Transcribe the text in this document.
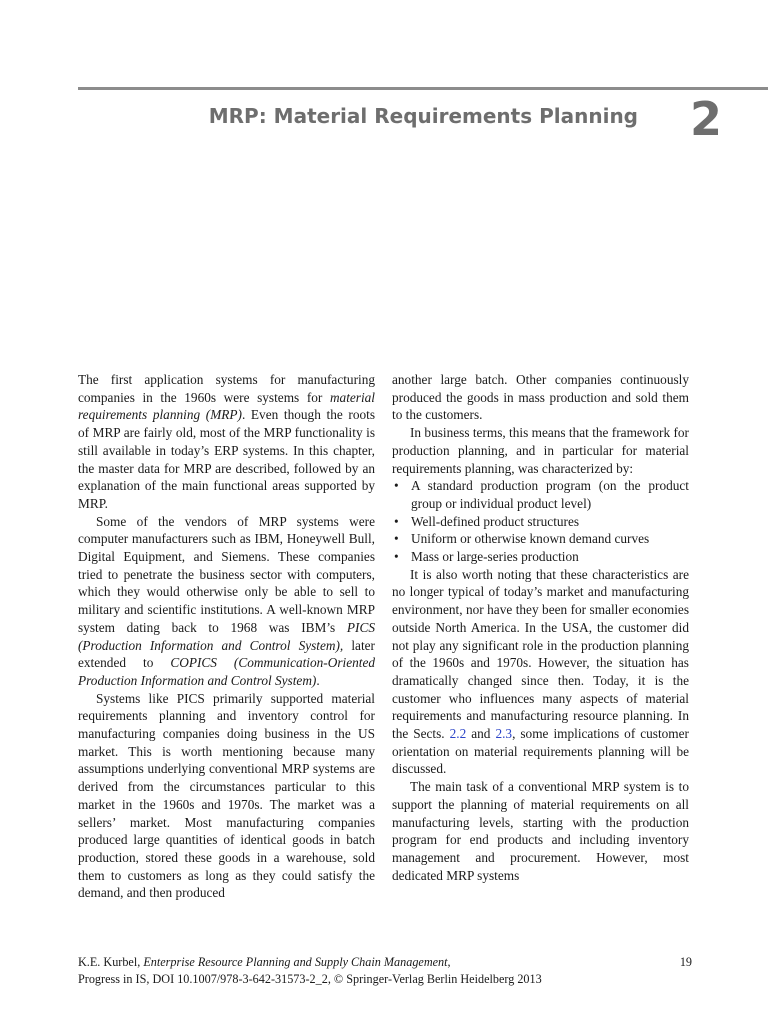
MRP: Material Requirements Planning 2

The first application systems for manufacturing companies in the 1960s were systems for material requirements planning (MRP). Even though the roots of MRP are fairly old, most of the MRP functionality is still available in today’s ERP systems. In this chapter, the master data for MRP are described, followed by an explanation of the main functional areas supported by MRP.

Some of the vendors of MRP systems were computer manufacturers such as IBM, Honeywell Bull, Digital Equipment, and Siemens. These companies tried to penetrate the business sector with computers, which they would otherwise only be able to sell to military and scientific institutions. A well-known MRP system dating back to 1968 was IBM’s PICS (Production Information and Control System), later extended to COPICS (Communication-Oriented Production Information and Control System).

Systems like PICS primarily supported material requirements planning and inventory control for manufacturing companies doing business in the US market. This is worth mentioning because many assumptions underlying conventional MRP systems are derived from the circumstances particular to this market in the 1960s and 1970s. The market was a sellers’ market. Most manufacturing companies produced large quantities of identical goods in batch production, stored these goods in a warehouse, sold them to customers as long as they could satisfy the demand, and then produced

another large batch. Other companies continuously produced the goods in mass production and sold them to the customers.

In business terms, this means that the framework for production planning, and in particular for material requirements planning, was characterized by:

• A standard production program (on the product group or individual product level)
• Well-defined product structures
• Uniform or otherwise known demand curves
• Mass or large-series production

It is also worth noting that these characteristics are no longer typical of today’s market and manufacturing environment, nor have they been for smaller economies outside North America. In the USA, the customer did not play any significant role in the production planning of the 1960s and 1970s. However, the situation has dramatically changed since then. Today, it is the customer who influences many aspects of material requirements and manufacturing resource planning. In the Sects. 2.2 and 2.3, some implications of customer orientation on material requirements planning will be discussed.

The main task of a conventional MRP system is to support the planning of material requirements on all manufacturing levels, starting with the production program for end products and including inventory management and procurement. However, most dedicated MRP systems

K.E. Kurbel, Enterprise Resource Planning and Supply Chain Management,
Progress in IS, DOI 10.1007/978-3-642-31573-2_2, © Springer-Verlag Berlin Heidelberg 2013
19
